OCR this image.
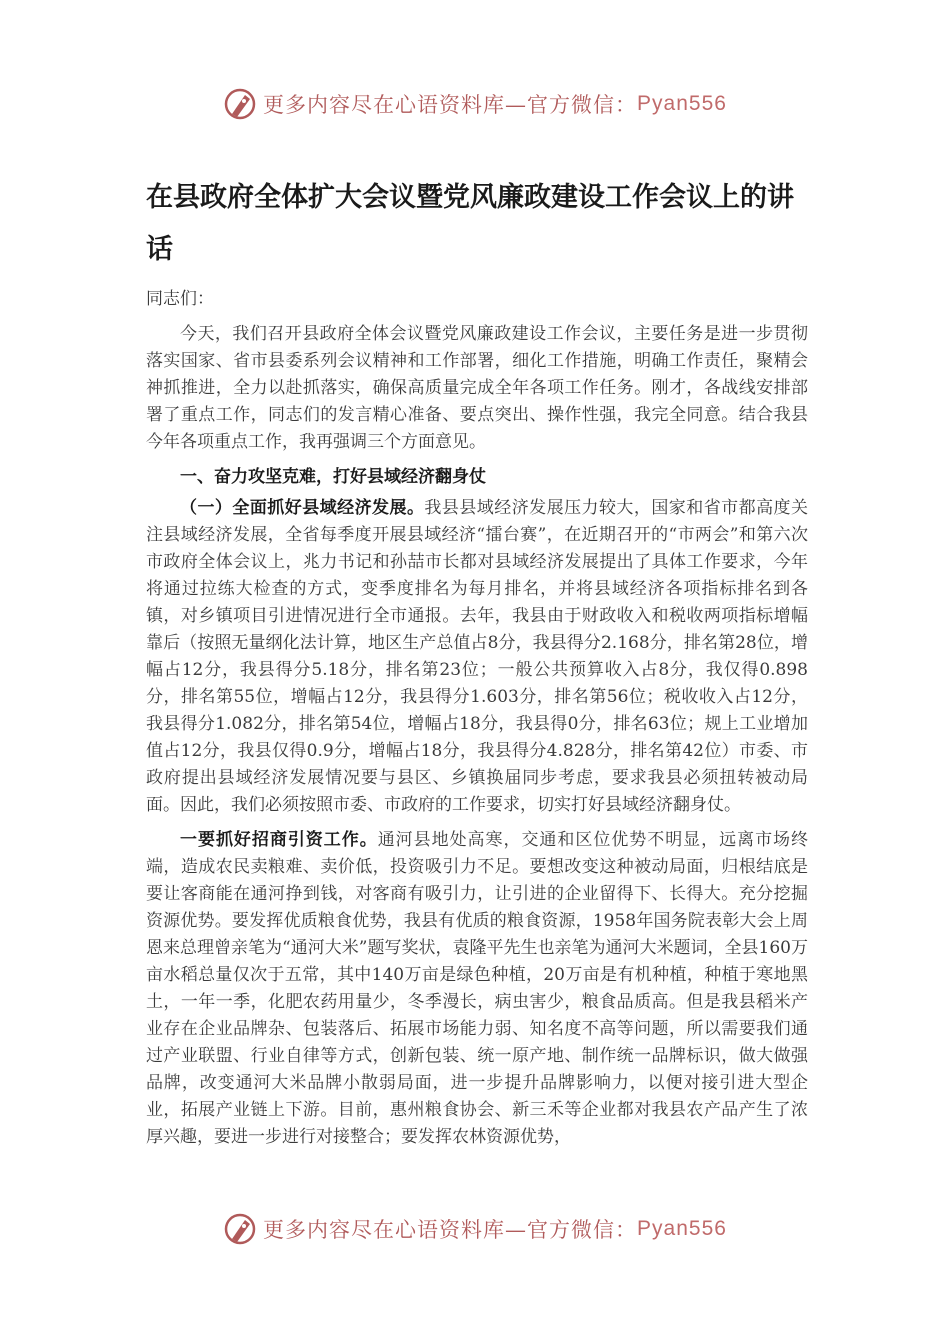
更多内容尽在心语资料库—官方微信： Pyan556
在县政府全体扩大会议暨党风廉政建设工作会议上的讲话

同志们：

今天，我们召开县政府全体会议暨党风廉政建设工作会议，主要任务是进一步贯彻落实国家、省市县委系列会议精神和工作部署，细化工作措施，明确工作责任，聚精会神抓推进，全力以赴抓落实，确保高质量完成全年各项工作任务。刚才，各战线安排部署了重点工作，同志们的发言精心准备、要点突出、操作性强，我完全同意。结合我县今年各项重点工作，我再强调三个方面意见。

一、奋力攻坚克难，打好县域经济翻身仗

（一）全面抓好县域经济发展。我县县域经济发展压力较大，国家和省市都高度关注县域经济发展，全省每季度开展县域经济“擂台赛”，在近期召开的“市两会”和第六次市政府全体会议上，兆力书记和孙喆市长都对县域经济发展提出了具体工作要求，今年将通过拉练大检查的方式，变季度排名为每月排名，并将县域经济各项指标排名到各镇，对乡镇项目引进情况进行全市通报。去年，我县由于财政收入和税收两项指标增幅靠后（按照无量纲化法计算，地区生产总值占8分，我县得分2.168分，排名第28位，增幅占12分，我县得分5.18分，排名第23位；一般公共预算收入占8分，我仅得0.898分，排名第55位，增幅占12分，我县得分1.603分，排名第56位；税收收入占12分，我县得分1.082分，排名第54位，增幅占18分，我县得0分，排名63位；规上工业增加值占12分，我县仅得0.9分，增幅占18分，我县得分4.828分，排名第42位）市委、市政府提出县域经济发展情况要与县区、乡镇换届同步考虑，要求我县必须扭转被动局面。因此，我们必须按照市委、市政府的工作要求，切实打好县域经济翻身仗。

一要抓好招商引资工作。通河县地处高寒，交通和区位优势不明显，远离市场终端，造成农民卖粮难、卖价低，投资吸引力不足。要想改变这种被动局面，归根结底是要让客商能在通河挣到钱，对客商有吸引力，让引进的企业留得下、长得大。充分挖掘资源优势。要发挥优质粮食优势，我县有优质的粮食资源，1958年国务院表彰大会上周恩来总理曾亲笔为“通河大米”题写奖状，袁隆平先生也亲笔为通河大米题词，全县160万亩水稻总量仅次于五常，其中140万亩是绿色种植，20万亩是有机种植，种植于寒地黑土，一年一季，化肥农药用量少，冬季漫长，病虫害少，粮食品质高。但是我县稻米产业存在企业品牌杂、包装落后、拓展市场能力弱、知名度不高等问题，所以需要我们通过产业联盟、行业自律等方式，创新包装、统一原产地、制作统一品牌标识，做大做强品牌，改变通河大米品牌小散弱局面，进一步提升品牌影响力，以便对接引进大型企业，拓展产业链上下游。目前，惠州粮食协会、新三禾等企业都对我县农产品产生了浓厚兴趣，要进一步进行对接整合；要发挥农林资源优势，

更多内容尽在心语资料库—官方微信： Pyan556
